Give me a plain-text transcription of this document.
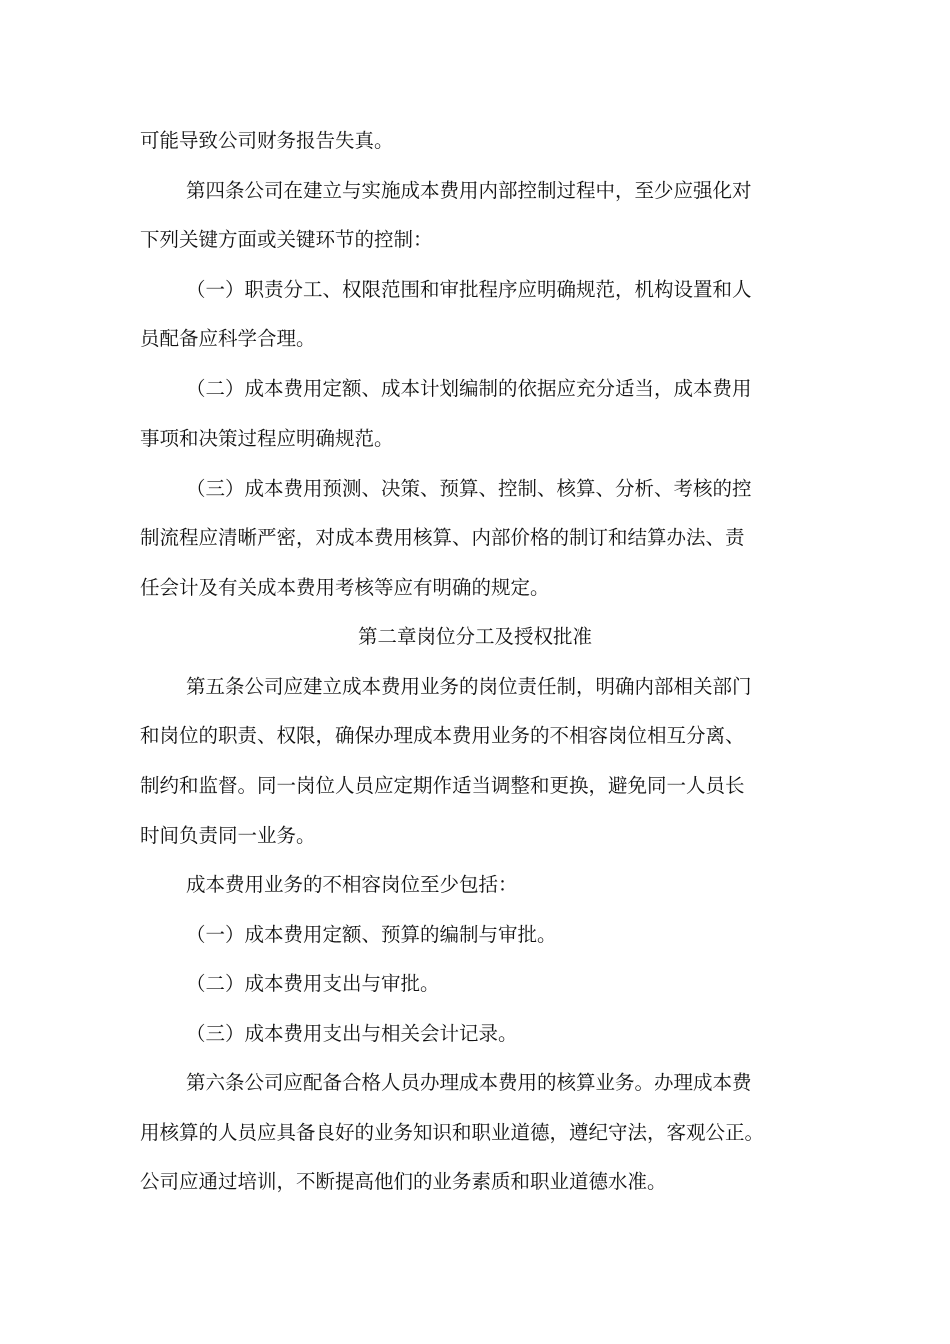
可能导致公司财务报告失真。

第四条公司在建立与实施成本费用内部控制过程中，至少应强化对

下列关键方面或关键环节的控制：

（一）职责分工、权限范围和审批程序应明确规范，机构设置和人

员配备应科学合理。

（二）成本费用定额、成本计划编制的依据应充分适当，成本费用

事项和决策过程应明确规范。

（三）成本费用预测、决策、预算、控制、核算、分析、考核的控

制流程应清晰严密，对成本费用核算、内部价格的制订和结算办法、责

任会计及有关成本费用考核等应有明确的规定。

第二章岗位分工及授权批准

第五条公司应建立成本费用业务的岗位责任制，明确内部相关部门

和岗位的职责、权限，确保办理成本费用业务的不相容岗位相互分离、

制约和监督。同一岗位人员应定期作适当调整和更换，避免同一人员长

时间负责同一业务。

成本费用业务的不相容岗位至少包括：

（一）成本费用定额、预算的编制与审批。

（二）成本费用支出与审批。

（三）成本费用支出与相关会计记录。

第六条公司应配备合格人员办理成本费用的核算业务。办理成本费

用核算的人员应具备良好的业务知识和职业道德，遵纪守法，客观公正。

公司应通过培训，不断提高他们的业务素质和职业道德水准。
